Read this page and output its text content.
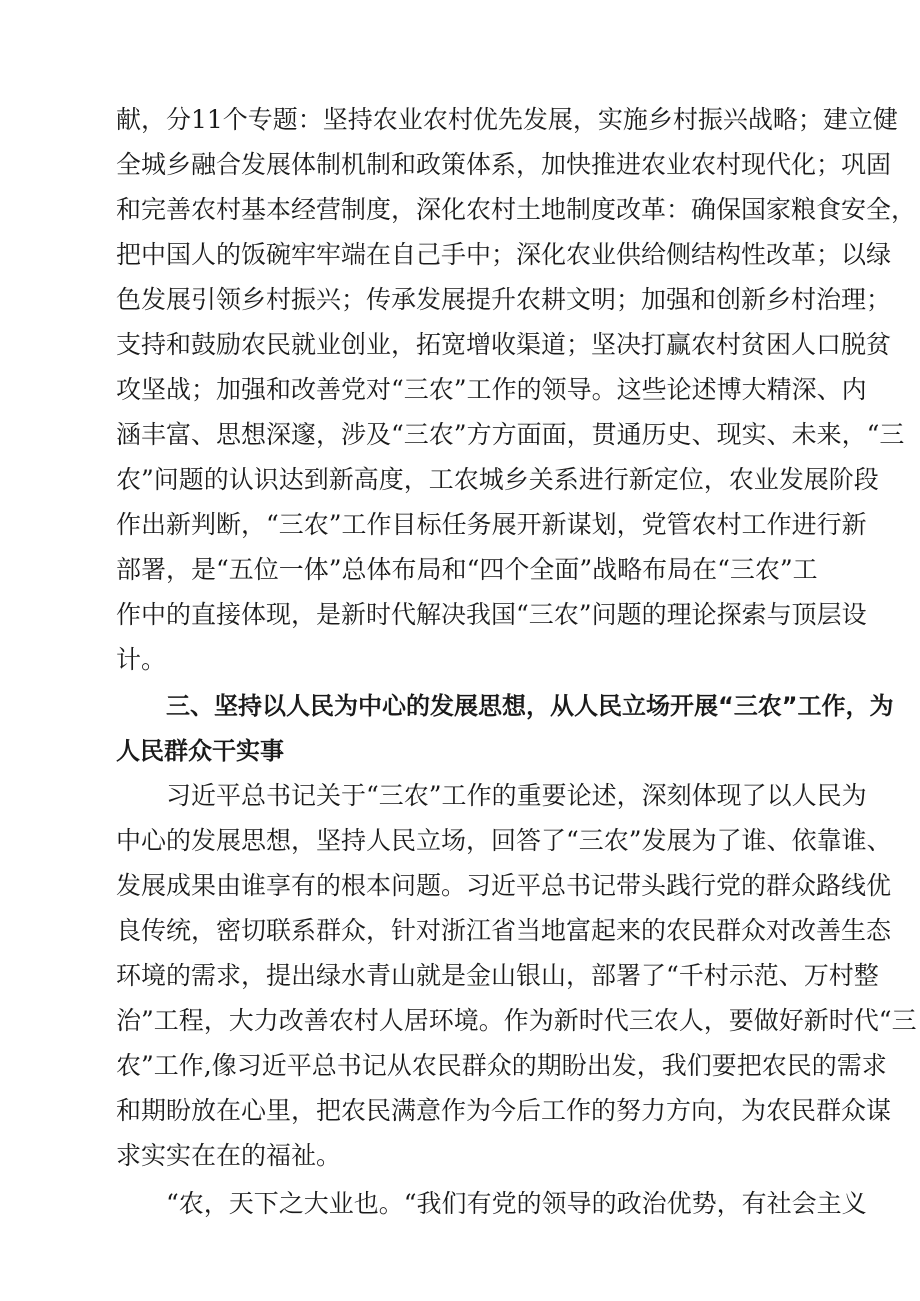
献，分11个专题：坚持农业农村优先发展，实施乡村振兴战略；建立健
全城乡融合发展体制机制和政策体系，加快推进农业农村现代化；巩固
和完善农村基本经营制度，深化农村土地制度改革：确保国家粮食安全，
把中国人的饭碗牢牢端在自己手中；深化农业供给侧结构性改革；以绿
色发展引领乡村振兴；传承发展提升农耕文明；加强和创新乡村治理；
支持和鼓励农民就业创业，拓宽增收渠道；坚决打赢农村贫困人口脱贫
攻坚战；加强和改善党对“三农”工作的领导。这些论述博大精深、内
涵丰富、思想深邃，涉及“三农”方方面面，贯通历史、现实、未来，“三
农”问题的认识达到新高度，工农城乡关系进行新定位，农业发展阶段
作出新判断，“三农”工作目标任务展开新谋划，党管农村工作进行新
部署，是“五位一体”总体布局和“四个全面”战略布局在“三农”工
作中的直接体现，是新时代解决我国“三农”问题的理论探索与顶层设
计。
三、坚持以人民为中心的发展思想，从人民立场开展“三农”工作，为
人民群众干实事
习近平总书记关于“三农”工作的重要论述，深刻体现了以人民为
中心的发展思想，坚持人民立场，回答了“三农”发展为了谁、依靠谁、
发展成果由谁享有的根本问题。习近平总书记带头践行党的群众路线优
良传统，密切联系群众，针对浙江省当地富起来的农民群众对改善生态
环境的需求，提出绿水青山就是金山银山，部署了“千村示范、万村整
治”工程，大力改善农村人居环境。作为新时代三农人，要做好新时代“三
农”工作,像习近平总书记从农民群众的期盼出发，我们要把农民的需求
和期盼放在心里，把农民满意作为今后工作的努力方向，为农民群众谋
求实实在在的福祉。
“农，天下之大业也。“我们有党的领导的政治优势，有社会主义
